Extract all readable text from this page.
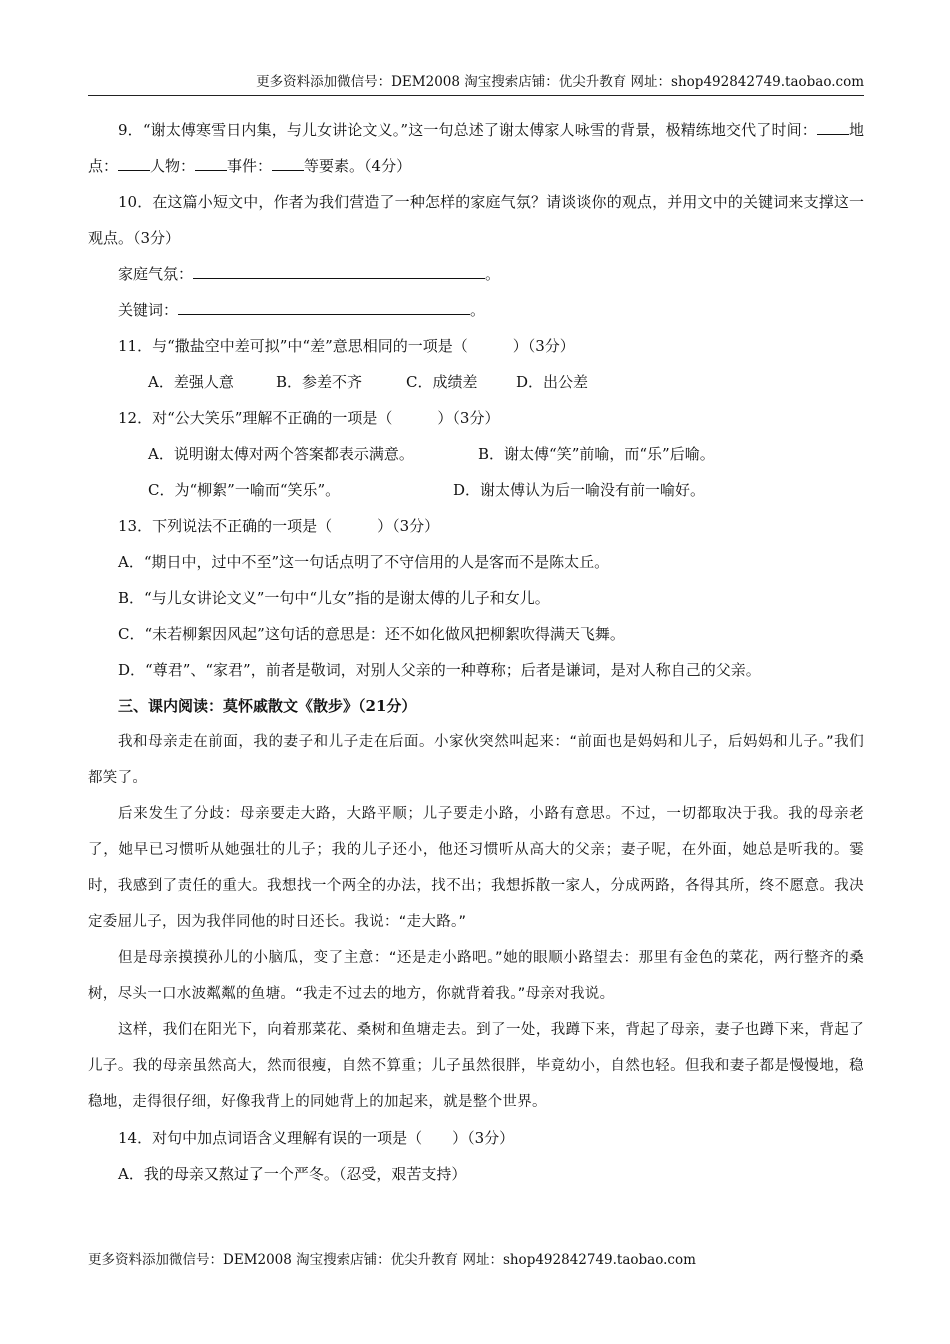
更多资料添加微信号：DEM2008 淘宝搜索店铺：优尖升教育 网址：shop492842749.taobao.com

9．“谢太傅寒雪日内集，与儿女讲论文义。”这一句总述了谢太傅家人咏雪的背景，极精练地交代了时间： 地点： 人物： 事件： 等要素。（4分）

10．在这篇小短文中，作者为我们营造了一种怎样的家庭气氛？请谈谈你的观点，并用文中的关键词来支撑这一观点。（3分）

家庭气氛：	。

关键词：	。

11．与“撒盐空中差可拟”中“差”意思相同的一项是（　　　）（3分）

A．差强人意	B．参差不齐	C．成绩差	D．出公差

12．对“公大笑乐”理解不正确的一项是（　　　）（3分）

A．说明谢太傅对两个答案都表示满意。	B．谢太傅“笑”前喻，而“乐”后喻。

C．为“柳絮”一喻而“笑乐”。	D．谢太傅认为后一喻没有前一喻好。

13．下列说法不正确的一项是（　　　）（3分）

A．“期日中，过中不至”这一句话点明了不守信用的人是客而不是陈太丘。

B．“与儿女讲论文义”一句中“儿女”指的是谢太傅的儿子和女儿。

C．“未若柳絮因风起”这句话的意思是：还不如化做风把柳絮吹得满天飞舞。

D．“尊君”、“家君”，前者是敬词，对别人父亲的一种尊称；后者是谦词，是对人称自己的父亲。

三、课内阅读：莫怀戚散文《散步》（21分）

我和母亲走在前面，我的妻子和儿子走在后面。小家伙突然叫起来：“前面也是妈妈和儿子，后妈妈和儿子。”我们都笑了。

后来发生了分歧：母亲要走大路，大路平顺；儿子要走小路，小路有意思。不过，一切都取决于我。我的母亲老了，她早已习惯听从她强壮的儿子；我的儿子还小，他还习惯听从高大的父亲；妻子呢，在外面，她总是听我的。霎时，我感到了责任的重大。我想找一个两全的办法，找不出；我想拆散一家人，分成两路，各得其所，终不愿意。我决定委屈儿子，因为我伴同他的时日还长。我说：“走大路。”

但是母亲摸摸孙儿的小脑瓜，变了主意：“还是走小路吧。”她的眼顺小路望去：那里有金色的菜花，两行整齐的桑树，尽头一口水波粼粼的鱼塘。“我走不过去的地方，你就背着我。”母亲对我说。

这样，我们在阳光下，向着那菜花、桑树和鱼塘走去。到了一处，我蹲下来，背起了母亲，妻子也蹲下来，背起了儿子。我的母亲虽然高大，然而很瘦，自然不算重；儿子虽然很胖，毕竟幼小，自然也轻。但我和妻子都是慢慢地，稳稳地，走得很仔细，好像我背上的同她背上的加起来，就是整个世界。

14．对句中加点词语含义理解有误的一项是（　　）（3分）

A．我的母亲又熬 .过 .了一个严冬。（忍受，艰苦支持）

更多资料添加微信号：DEM2008 淘宝搜索店铺：优尖升教育 网址：shop492842749.taobao.com
